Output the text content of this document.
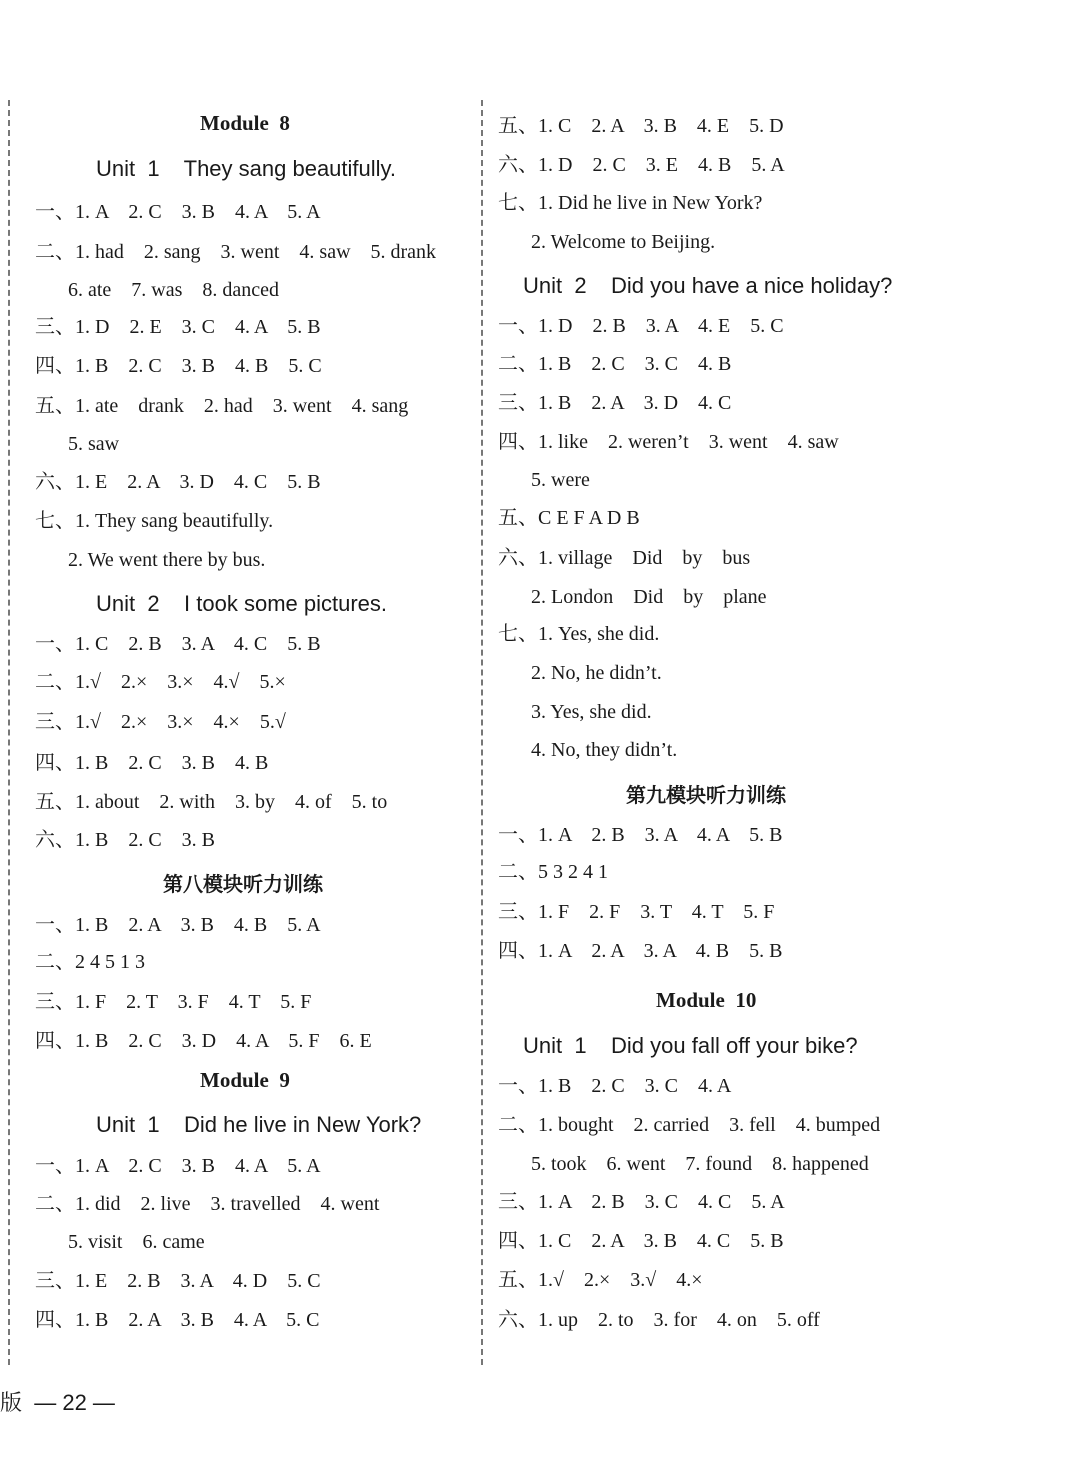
Module  8
Unit  1    They sang beautifully.
一、1. A    2. C    3. B    4. A    5. A
二、1. had    2. sang    3. went    4. saw    5. drank
6. ate    7. was    8. danced
三、1. D    2. E    3. C    4. A    5. B
四、1. B    2. C    3. B    4. B    5. C
五、1. ate    drank    2. had    3. went    4. sang
5. saw
六、1. E    2. A    3. D    4. C    5. B
七、1. They sang beautifully.
2. We went there by bus.
Unit  2    I took some pictures.
一、1. C    2. B    3. A    4. C    5. B
二、1.√    2.×    3.×    4.√    5.×
三、1.√    2.×    3.×    4.×    5.√
四、1. B    2. C    3. B    4. B
五、1. about    2. with    3. by    4. of    5. to
六、1. B    2. C    3. B
第八模块听力训练
一、1. B    2. A    3. B    4. B    5. A
二、2 4 5 1 3
三、1. F    2. T    3. F    4. T    5. F
四、1. B    2. C    3. D    4. A    5. F    6. E
Module  9
Unit  1    Did he live in New York?
一、1. A    2. C    3. B    4. A    5. A
二、1. did    2. live    3. travelled    4. went
5. visit    6. came
三、1. E    2. B    3. A    4. D    5. C
四、1. B    2. A    3. B    4. A    5. C
五、1. C    2. A    3. B    4. E    5. D
六、1. D    2. C    3. E    4. B    5. A
七、1. Did he live in New York?
2. Welcome to Beijing.
Unit  2    Did you have a nice holiday?
一、1. D    2. B    3. A    4. E    5. C
二、1. B    2. C    3. C    4. B
三、1. B    2. A    3. D    4. C
四、1. like    2. weren’t    3. went    4. saw
5. were
五、C E F A D B
六、1. village    Did    by    bus
2. London    Did    by    plane
七、1. Yes, she did.
2. No, he didn’t.
3. Yes, she did.
4. No, they didn’t.
第九模块听力训练
一、1. A    2. B    3. A    4. A    5. B
二、5 3 2 4 1
三、1. F    2. F    3. T    4. T    5. F
四、1. A    2. A    3. A    4. B    5. B
Module  10
Unit  1    Did you fall off your bike?
一、1. B    2. C    3. C    4. A
二、1. bought    2. carried    3. fell    4. bumped
5. took    6. went    7. found    8. happened
三、1. A    2. B    3. C    4. C    5. A
四、1. C    2. A    3. B    4. C    5. B
五、1.√    2.×    3.√    4.×
六、1. up    2. to    3. for    4. on    5. off
版  — 22 —
